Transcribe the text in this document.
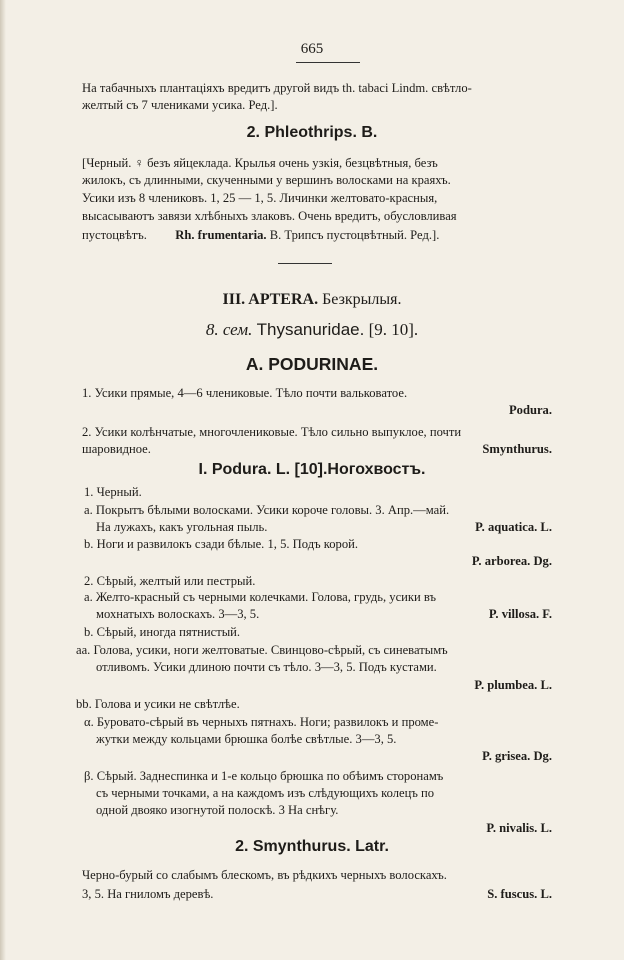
665
На табачныхъ плантаціяхъ вредитъ другой видъ th. tabaci Lindm. свѣтло-
желтый съ 7 члениками усика. Ред.].
2. Phleothrips. B.
[Черный. ♀ безъ яйцеклада. Крылья очень узкія, безцвѣтныя, безъ
жилокъ, съ длинными, скученными у вершинъ волосками на краяхъ.
Усики изъ 8 члениковъ. 1, 25 — 1, 5. Личинки желтовато-красныя,
высасываютъ завязи хлѣбныхъ злаковъ. Очень вредитъ, обусловливая
пустоцвѣтъ. Rh. frumentaria. B. Трипсъ пустоцвѣтный. Ред.].
III. APTERA. Безкрылыя.
8. сем. Thysanuridae. [9. 10].
A. PODURINAE.
1. Усики прямые, 4—6 члениковые. Тѣло почти вальковатое.
Podura.
2. Усики колѣнчатые, многочлениковые. Тѣло сильно выпуклое, почти
шаровидное.	Smynthurus.
I. Podura. L. [10].Ногохвостъ.
1. Черный.
a. Покрытъ бѣлыми волосками. Усики короче головы. 3. Апр.—май.
На лужахъ, какъ угольная пыль.	P. aquatica. L.
b. Ноги и развилокъ сзади бѣлые. 1, 5. Подъ корой.
P. arborea. Dg.
2. Сѣрый, желтый или пестрый.
a. Желто-красный съ черными колечками. Голова, грудь, усики въ
мохнатыхъ волоскахъ. 3—3, 5.	P. villosa. F.
b. Сѣрый, иногда пятнистый.
aa. Голова, усики, ноги желтоватые. Свинцово-сѣрый, съ синеватымъ
отливомъ. Усики длиною почти съ тѣло. 3—3, 5. Подъ кустами.
P. plumbea. L.
bb. Голова и усики не свѣтлѣе.
α. Буровато-сѣрый въ черныхъ пятнахъ. Ноги; развилокъ и проме-
жутки между кольцами брюшка болѣе свѣтлые. 3—3, 5.
P. grisea. Dg.
β. Сѣрый. Заднеспинка и 1-е кольцо брюшка по обѣимъ сторонамъ
съ черными точками, а на каждомъ изъ слѣдующихъ колецъ по
одной двояко изогнутой полоскѣ. 3 На снѣгу.
P. nivalis. L.
2. Smynthurus. Latr.
Черно-бурый со слабымъ блескомъ, въ рѣдкихъ черныхъ волоскахъ.
3, 5. На гниломъ деревѣ.	S. fuscus. L.
